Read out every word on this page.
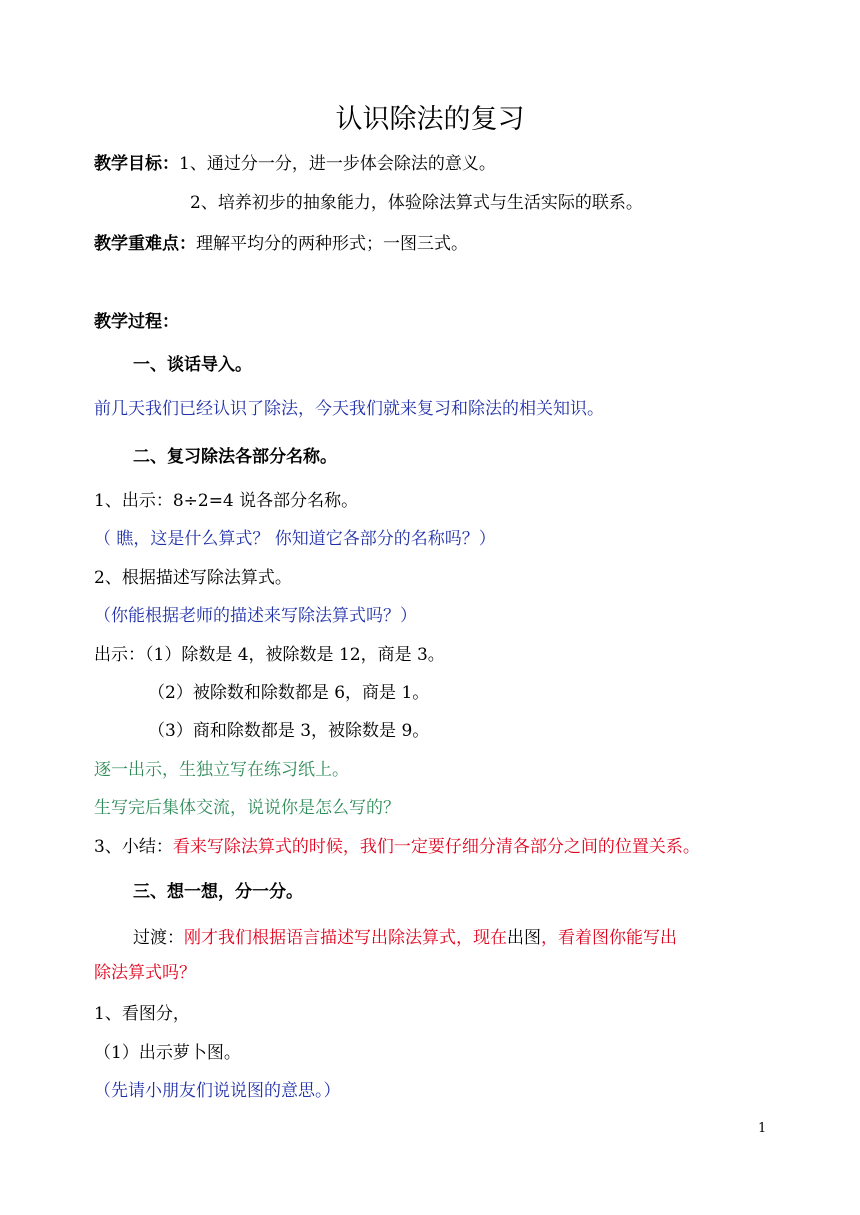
认识除法的复习
教学目标：1、通过分一分，进一步体会除法的意义。
2、培养初步的抽象能力，体验除法算式与生活实际的联系。
教学重难点：理解平均分的两种形式；一图三式。
教学过程：
一、谈话导入。
前几天我们已经认识了除法，今天我们就来复习和除法的相关知识。
二、复习除法各部分名称。
1、出示：8÷2=4 说各部分名称。
（ 瞧，这是什么算式？ 你知道它各部分的名称吗？）
2、根据描述写除法算式。
（你能根据老师的描述来写除法算式吗？）
出示：（1）除数是 4，被除数是 12，商是 3。
（2）被除数和除数都是 6，商是 1。
（3）商和除数都是 3，被除数是 9。
逐一出示，生独立写在练习纸上。
生写完后集体交流，说说你是怎么写的？
3、小结：看来写除法算式的时候，我们一定要仔细分清各部分之间的位置关系。
三、想一想，分一分。
过渡：刚才我们根据语言描述写出除法算式，现在出图，看着图你能写出
除法算式吗？
1、看图分，
（1）出示萝卜图。
（先请小朋友们说说图的意思。）
1
